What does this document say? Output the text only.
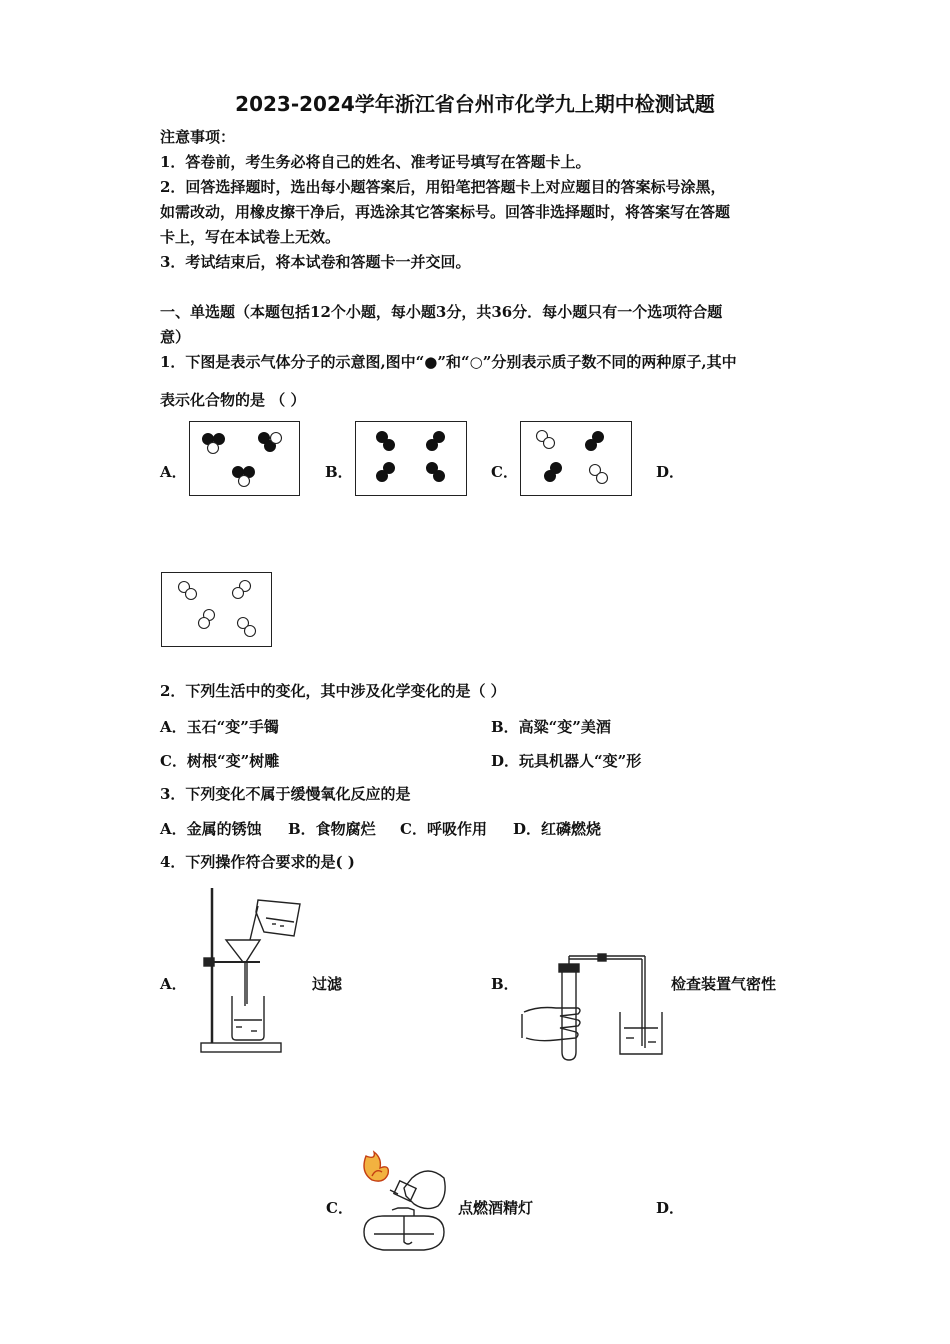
2023-2024学年浙江省台州市化学九上期中检测试题
注意事项：
1．答卷前，考生务必将自己的姓名、准考证号填写在答题卡上。
2．回答选择题时，选出每小题答案后，用铅笔把答题卡上对应题目的答案标号涂黑，
如需改动，用橡皮擦干净后，再选涂其它答案标号。回答非选择题时，将答案写在答题
卡上，写在本试卷上无效。
3．考试结束后，将本试卷和答题卡一并交回。
一、单选题（本题包括12个小题，每小题3分，共36分．每小题只有一个选项符合题
意）
1．下图是表示气体分子的示意图,图中“●”和“○”分别表示质子数不同的两种原子,其中
表示化合物的是 （ ）
A．	B．	C．	D．
2．下列生活中的变化，其中涉及化学变化的是（ ）
A．玉石“变”手镯	B．高粱“变”美酒
C．树根“变”树雕	D．玩具机器人“变”形
3．下列变化不属于缓慢氧化反应的是
A．金属的锈蚀 B．食物腐烂 C．呼吸作用 D．红磷燃烧
4．下列操作符合要求的是( )
A．	过滤	B．	检查装置气密性
C．	点燃酒精灯	D．
